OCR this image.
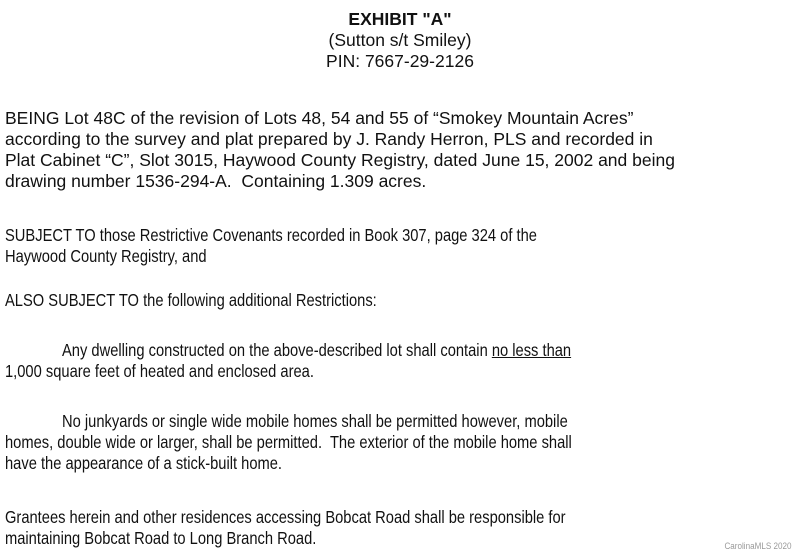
EXHIBIT "A"
(Sutton s/t Smiley)
PIN: 7667-29-2126
BEING Lot 48C of the revision of Lots 48, 54 and 55 of “Smokey Mountain Acres”
according to the survey and plat prepared by J. Randy Herron, PLS and recorded in
Plat Cabinet “C”, Slot 3015, Haywood County Registry, dated June 15, 2002 and being
drawing number 1536-294-A.  Containing 1.309 acres.
SUBJECT TO those Restrictive Covenants recorded in Book 307, page 324 of the
Haywood County Registry, and
ALSO SUBJECT TO the following additional Restrictions:
Any dwelling constructed on the above-described lot shall contain no less than
1,000 square feet of heated and enclosed area.
No junkyards or single wide mobile homes shall be permitted however, mobile
homes, double wide or larger, shall be permitted.  The exterior of the mobile home shall
have the appearance of a stick-built home.
Grantees herein and other residences accessing Bobcat Road shall be responsible for
maintaining Bobcat Road to Long Branch Road.	CarolinaMLS 2020
